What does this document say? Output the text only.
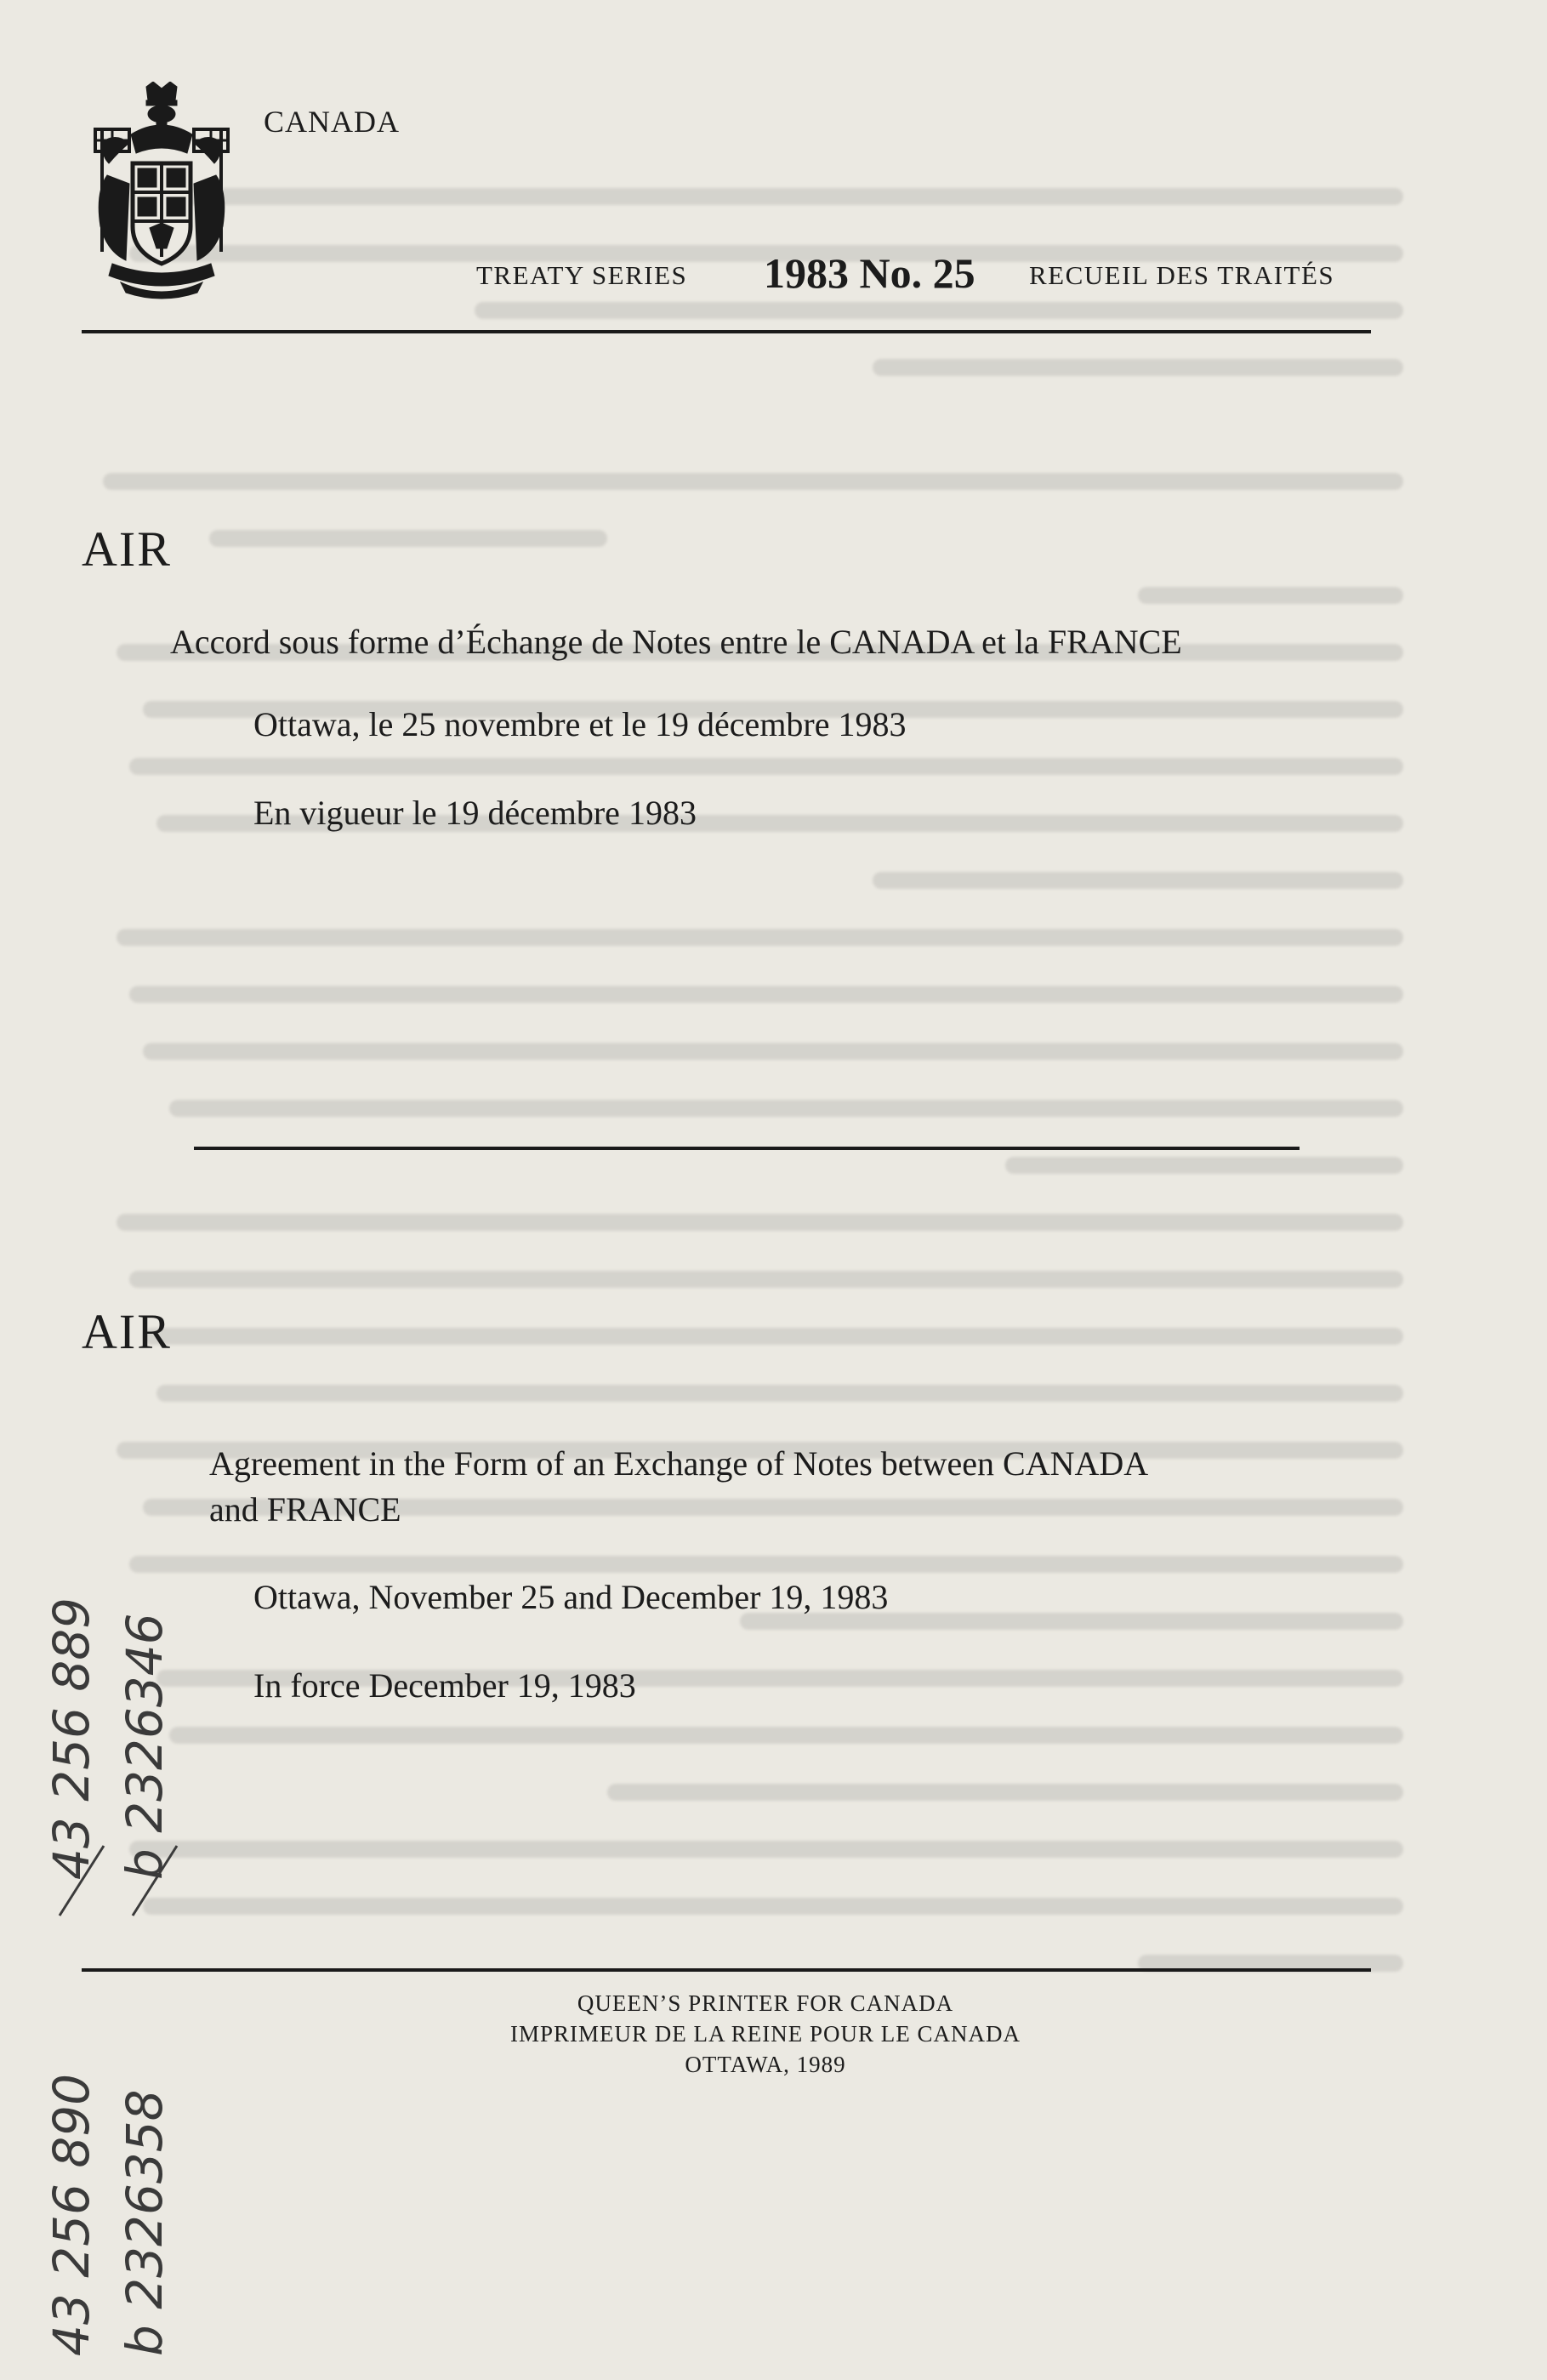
CANADA
TREATY SERIES 1983 No. 25 RECUEIL DES TRAITÉS
AIR
Accord sous forme d’Échange de Notes entre le CANADA et la FRANCE
Ottawa, le 25 novembre et le 19 décembre 1983
En vigueur le 19 décembre 1983
AIR
Agreement in the Form of an Exchange of Notes between CANADA
and FRANCE
Ottawa, November 25 and December 19, 1983
In force December 19, 1983
QUEEN’S PRINTER FOR CANADA
IMPRIMEUR DE LA REINE POUR LE CANADA
OTTAWA, 1989
43 256 890 b 2326358
43 256 889 b 2326346
